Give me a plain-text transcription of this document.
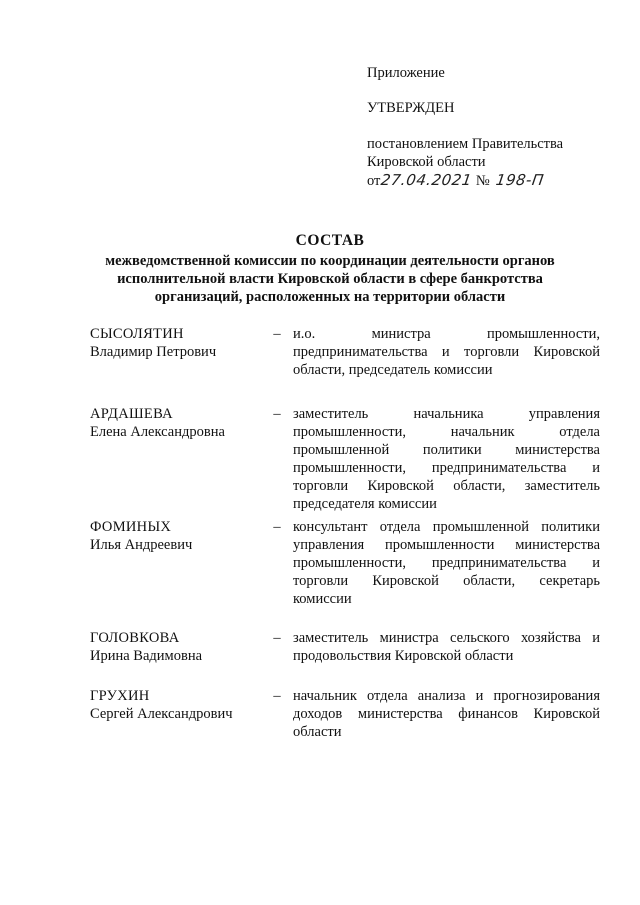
Приложение
УТВЕРЖДЕН
постановлением Правительства
Кировской области
от27.04.2021 № 198-П
СОСТАВ
межведомственной комиссии по координации деятельности органов
исполнительной власти Кировской области в сфере банкротства
организаций, расположенных на территории области
СЫСОЛЯТИН
Владимир Петрович
– и.о. министра промышленности, предпринимательства и торговли Кировской области, председатель комиссии
АРДАШЕВА
Елена Александровна
– заместитель начальника управления промышленности, начальник отдела промышленной политики министерства промышленности, предпринимательства и торговли Кировской области, заместитель председателя комиссии
ФОМИНЫХ
Илья Андреевич
– консультант отдела промышленной политики управления промышленности министерства промышленности, предпринимательства и торговли Кировской области, секретарь комиссии
ГОЛОВКОВА
Ирина Вадимовна
– заместитель министра сельского хозяйства и продовольствия Кировской области
ГРУХИН
Сергей Александрович
– начальник отдела анализа и прогнозирования доходов министерства финансов Кировской области
